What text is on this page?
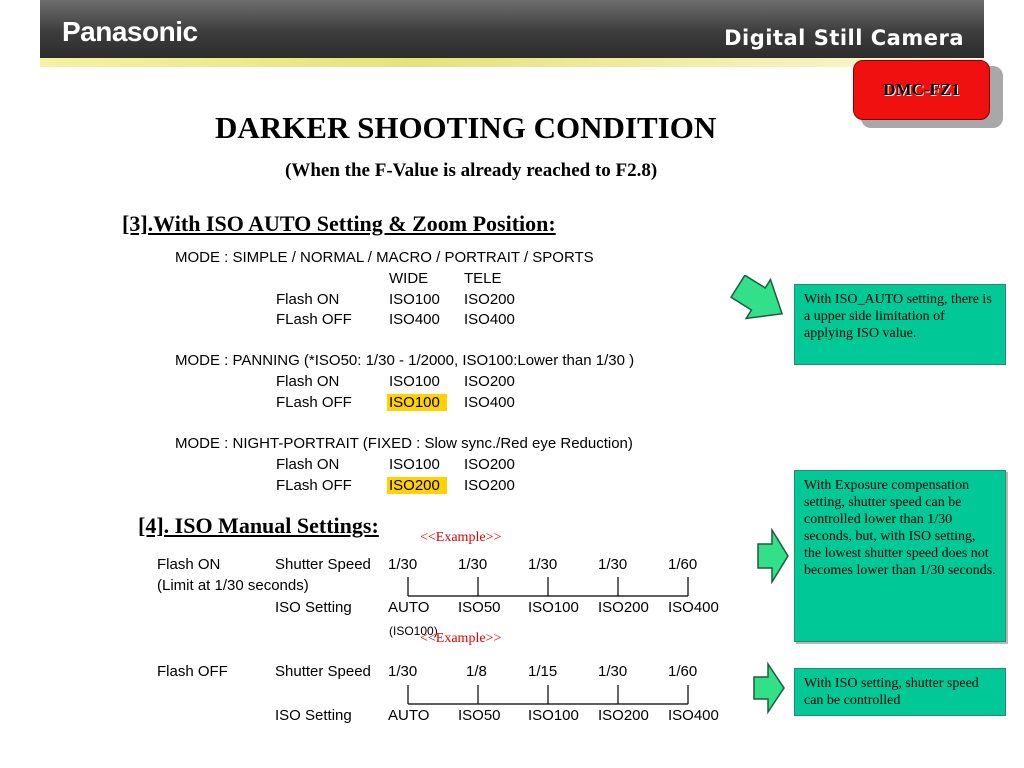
Panasonic	Digital Still Camera
DMC-FZ1
DARKER SHOOTING CONDITION
(When the F-Value is already reached to F2.8)
[3].With ISO AUTO Setting & Zoom Position:
MODE : SIMPLE / NORMAL / MACRO / PORTRAIT / SPORTS
WIDE TELE
Flash ON	ISO100 ISO200
FLash OFF ISO400 ISO400
MODE : PANNING (*ISO50: 1/30 - 1/2000, ISO100:Lower than 1/30 )
Flash ON	ISO100 ISO200
FLash OFF ISO100	ISO400
MODE : NIGHT-PORTRAIT (FIXED : Slow sync./Red eye Reduction)
Flash ON	ISO100 ISO200
FLash OFF ISO200	ISO200
[4]. ISO Manual Settings:	<<Example>>
Flash ON
(Limit at 1/30 seconds)
Shutter Speed 1/30	1/30	1/30	1/30	1/60
ISO Setting AUTO ISO50 ISO100 ISO200 ISO400
(ISO100)
<<Example>>
Flash OFF	Shutter Speed 1/30	1/8	1/15	1/30	1/60
ISO Setting AUTO ISO50 ISO100 ISO200 ISO400
With ISO_AUTO setting, there is a upper side limitation of applying ISO value.
With Exposure compensation setting, shutter speed can be controlled lower than 1/30 seconds, but, with ISO setting, the lowest shutter speed does not becomes lower than 1/30 seconds.
With ISO setting, shutter speed can be controlled
